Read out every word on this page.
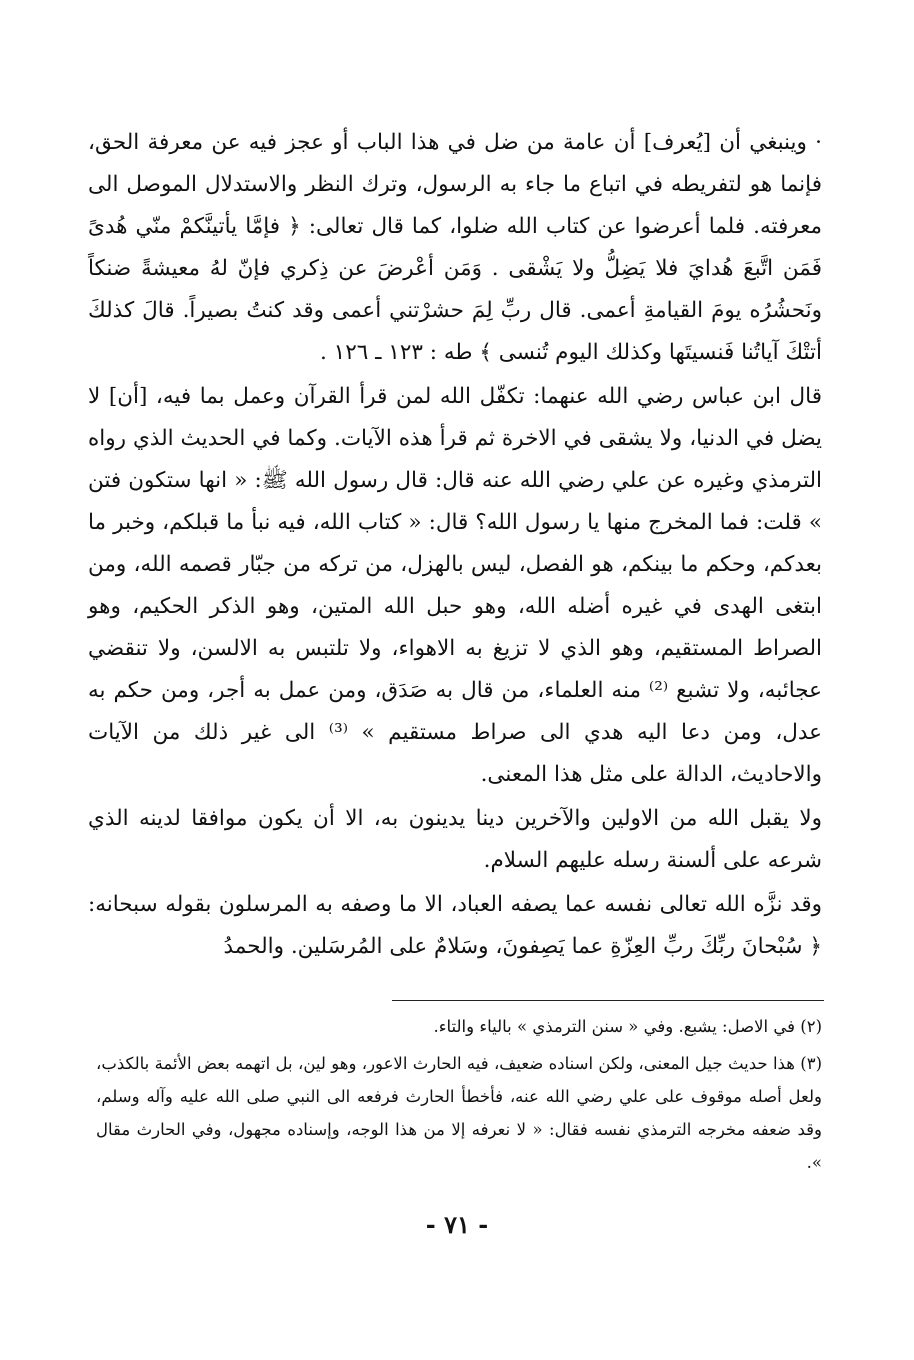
· وينبغي أن [يُعرف] أن عامة من ضل في هذا الباب أو عجز فيه عن معرفة الحق، فإنما هو لتفريطه في اتباع ما جاء به الرسول، وترك النظر والاستدلال الموصل الى معرفته. فلما أعرضوا عن كتاب الله ضلوا، كما قال تعالى: ﴿ فإمَّا يأتينَّكمْ منّي هُدىً فَمَن اتَّبعَ هُدايَ فلا يَضِلُّ ولا يَشْقى . وَمَن أعْرضَ عن ذِكري فإنّ لهُ معيشةً ضنكاً ونَحشُرُه يومَ القيامةِ أعمى. قال ربِّ لِمَ حشرْتني أعمى وقد كنتُ بصيراً. قالَ كذلكَ أتتْكَ آياتُنا فَنسيتَها وكذلك اليوم تُنسى ﴾ طه : ١٢٣ ـ ١٢٦ .

قال ابن عباس رضي الله عنهما: تكفّل الله لمن قرأ القرآن وعمل بما فيه، [أن] لا يضل في الدنيا، ولا يشقى في الاخرة ثم قرأ هذه الآيات. وكما في الحديث الذي رواه الترمذي وغيره عن علي رضي الله عنه قال: قال رسول الله ﷺ: « انها ستكون فتن » قلت: فما المخرج منها يا رسول الله؟ قال: « كتاب الله، فيه نبأ ما قبلكم، وخبر ما بعدكم، وحكم ما بينكم، هو الفصل، ليس بالهزل، من تركه من جبّار قصمه الله، ومن ابتغى الهدى في غيره أضله الله، وهو حبل الله المتين، وهو الذكر الحكيم، وهو الصراط المستقيم، وهو الذي لا تزيغ به الاهواء، ولا تلتبس به الالسن، ولا تنقضي عجائبه، ولا تشبع ⁽²⁾ منه العلماء، من قال به صَدَق، ومن عمل به أجر، ومن حكم به عدل، ومن دعا اليه هدي الى صراط مستقيم » ⁽³⁾ الى غير ذلك من الآيات والاحاديث، الدالة على مثل هذا المعنى.

ولا يقبل الله من الاولين والآخرين دينا يدينون به، الا أن يكون موافقا لدينه الذي شرعه على ألسنة رسله عليهم السلام.

وقد نزَّه الله تعالى نفسه عما يصفه العباد، الا ما وصفه به المرسلون بقوله سبحانه: ﴿ سُبْحانَ ربِّكَ ربِّ العِزّةِ عما يَصِفونَ، وسَلامٌ على المُرسَلين. والحمدُ

(٢) في الاصل: يشبع. وفي « سنن الترمذي » بالياء والتاء.

(٣) هذا حديث جيل المعنى، ولكن اسناده ضعيف، فيه الحارث الاعور، وهو لين، بل اتهمه بعض الأئمة بالكذب، ولعل أصله موقوف على علي رضي الله عنه، فأخطأ الحارث فرفعه الى النبي صلى الله عليه وآله وسلم، وقد ضعفه مخرجه الترمذي نفسه فقال: « لا نعرفه إلا من هذا الوجه، وإسناده مجهول، وفي الحارث مقال ».

- ٧١ -
